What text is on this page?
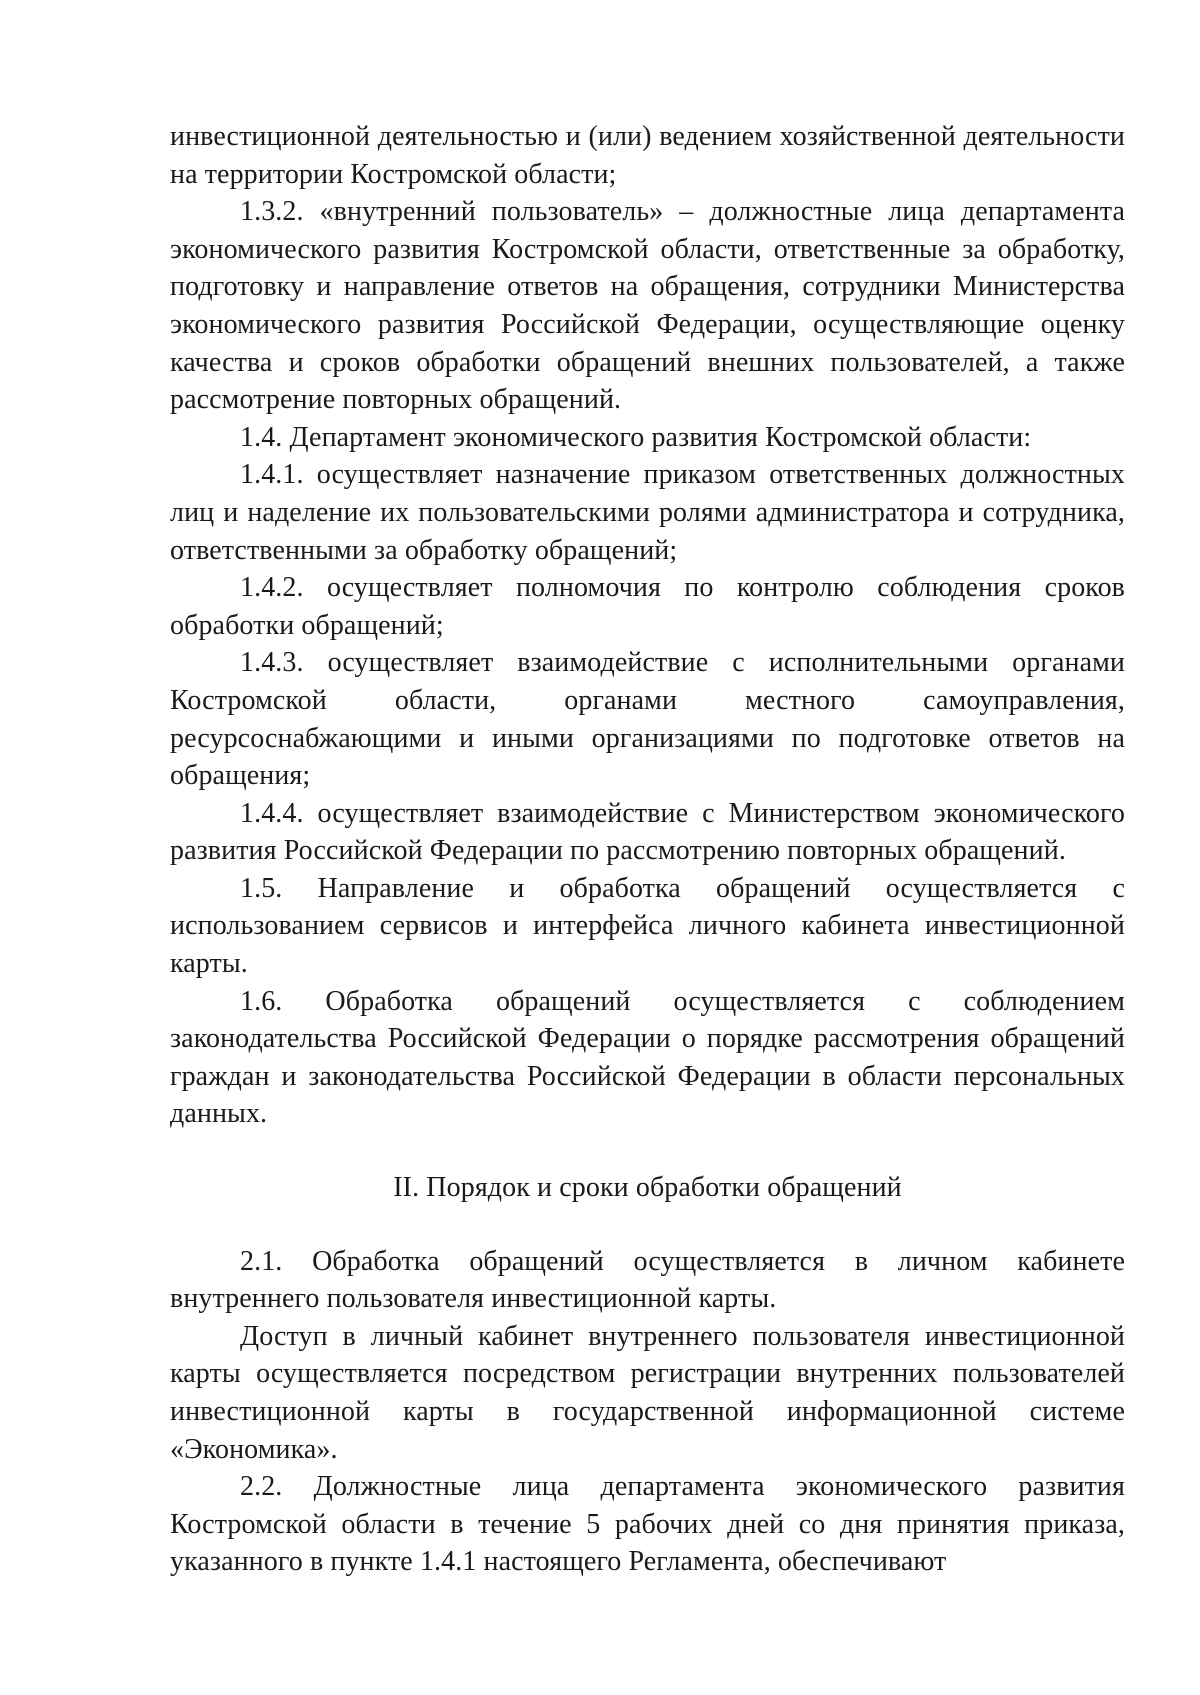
инвестиционной деятельностью и (или) ведением хозяйственной деятельности на территории Костромской области;

1.3.2. «внутренний пользователь» – должностные лица департамента экономического развития Костромской области, ответственные за обработку, подготовку и направление ответов на обращения, сотрудники Министерства экономического развития Российской Федерации, осуществляющие оценку качества и сроков обработки обращений внешних пользователей, а также рассмотрение повторных обращений.

1.4. Департамент экономического развития Костромской области:

1.4.1. осуществляет назначение приказом ответственных должностных лиц и наделение их пользовательскими ролями администратора и сотрудника, ответственными за обработку обращений;

1.4.2. осуществляет полномочия по контролю соблюдения сроков обработки обращений;

1.4.3. осуществляет взаимодействие с исполнительными органами Костромской области, органами местного самоуправления, ресурсоснабжающими и иными организациями по подготовке ответов на обращения;

1.4.4. осуществляет взаимодействие с Министерством экономического развития Российской Федерации по рассмотрению повторных обращений.

1.5. Направление и обработка обращений осуществляется с использованием сервисов и интерфейса личного кабинета инвестиционной карты.

1.6. Обработка обращений осуществляется с соблюдением законодательства Российской Федерации о порядке рассмотрения обращений граждан и законодательства Российской Федерации в области персональных данных.

II. Порядок и сроки обработки обращений

2.1. Обработка обращений осуществляется в личном кабинете внутреннего пользователя инвестиционной карты.

Доступ в личный кабинет внутреннего пользователя инвестиционной карты осуществляется посредством регистрации внутренних пользователей инвестиционной карты в государственной информационной системе «Экономика».

2.2. Должностные лица департамента экономического развития Костромской области в течение 5 рабочих дней со дня принятия приказа, указанного в пункте 1.4.1 настоящего Регламента, обеспечивают
